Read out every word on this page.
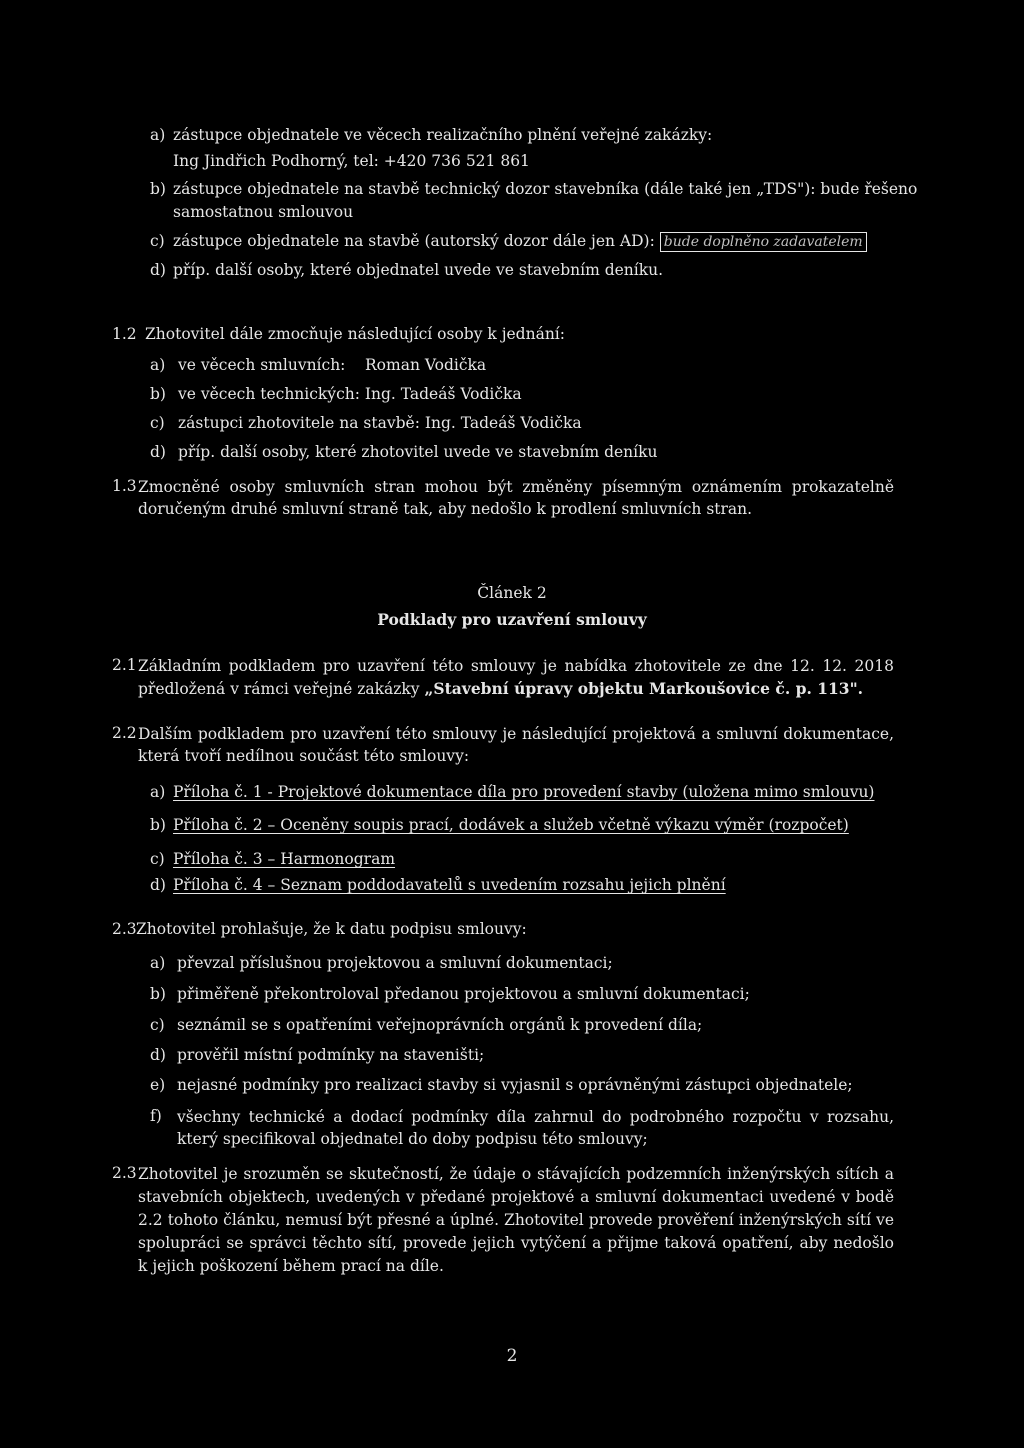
a) zástupce objednatele ve věcech realizačního plnění veřejné zakázky:
Ing Jindřich Podhorný, tel: +420 736 521 861
b) zástupce objednatele na stavbě technický dozor stavebníka (dále také jen „TDS"): bude řešeno
samostatnou smlouvou
c) zástupce objednatele na stavbě (autorský dozor dále jen AD): bude doplněno zadavatelem
d) příp. další osoby, které objednatel uvede ve stavebním deníku.
1.2 Zhotovitel dále zmocňuje následující osoby k jednání:
a) ve věcech smluvních: Roman Vodička
b) ve věcech technických: Ing. Tadeáš Vodička
c) zástupci zhotovitele na stavbě: Ing. Tadeáš Vodička
d) příp. další osoby, které zhotovitel uvede ve stavebním deníku
1.3 Zmocněné osoby smluvních stran mohou být změněny písemným oznámením prokazatelně doručeným druhé smluvní straně tak, aby nedošlo k prodlení smluvních stran.
Článek 2
Podklady pro uzavření smlouvy
2.1 Základním podkladem pro uzavření této smlouvy je nabídka zhotovitele ze dne 12. 12. 2018
předložená v rámci veřejné zakázky „Stavební úpravy objektu Markoušovice č. p. 113".
2.2 Dalším podkladem pro uzavření této smlouvy je následující projektová a smluvní dokumentace, která tvoří nedílnou součást této smlouvy:
a) Příloha č. 1 - Projektové dokumentace díla pro provedení stavby (uložena mimo smlouvu)
b) Příloha č. 2 – Oceněny soupis prací, dodávek a služeb včetně výkazu výměr (rozpočet)
c) Příloha č. 3 – Harmonogram
d) Příloha č. 4 – Seznam poddodavatelů s uvedením rozsahu jejich plnění
2.3 Zhotovitel prohlašuje, že k datu podpisu smlouvy:
a) převzal příslušnou projektovou a smluvní dokumentaci;
b) přiměřeně překontroloval předanou projektovou a smluvní dokumentaci;
c) seznámil se s opatřeními veřejnoprávních orgánů k provedení díla;
d) prověřil místní podmínky na staveništi;
e) nejasné podmínky pro realizaci stavby si vyjasnil s oprávněnými zástupci objednatele;
f) všechny technické a dodací podmínky díla zahrnul do podrobného rozpočtu v rozsahu, který specifikoval objednatel do doby podpisu této smlouvy;
2.3 Zhotovitel je srozuměn se skutečností, že údaje o stávajících podzemních inženýrských sítích a stavebních objektech, uvedených v předané projektové a smluvní dokumentaci uvedené v bodě 2.2 tohoto článku, nemusí být přesné a úplné. Zhotovitel provede prověření inženýrských sítí ve spolupráci se správci těchto sítí, provede jejich vytýčení a přijme taková opatření, aby nedošlo k jejich poškození během prací na díle.
2
